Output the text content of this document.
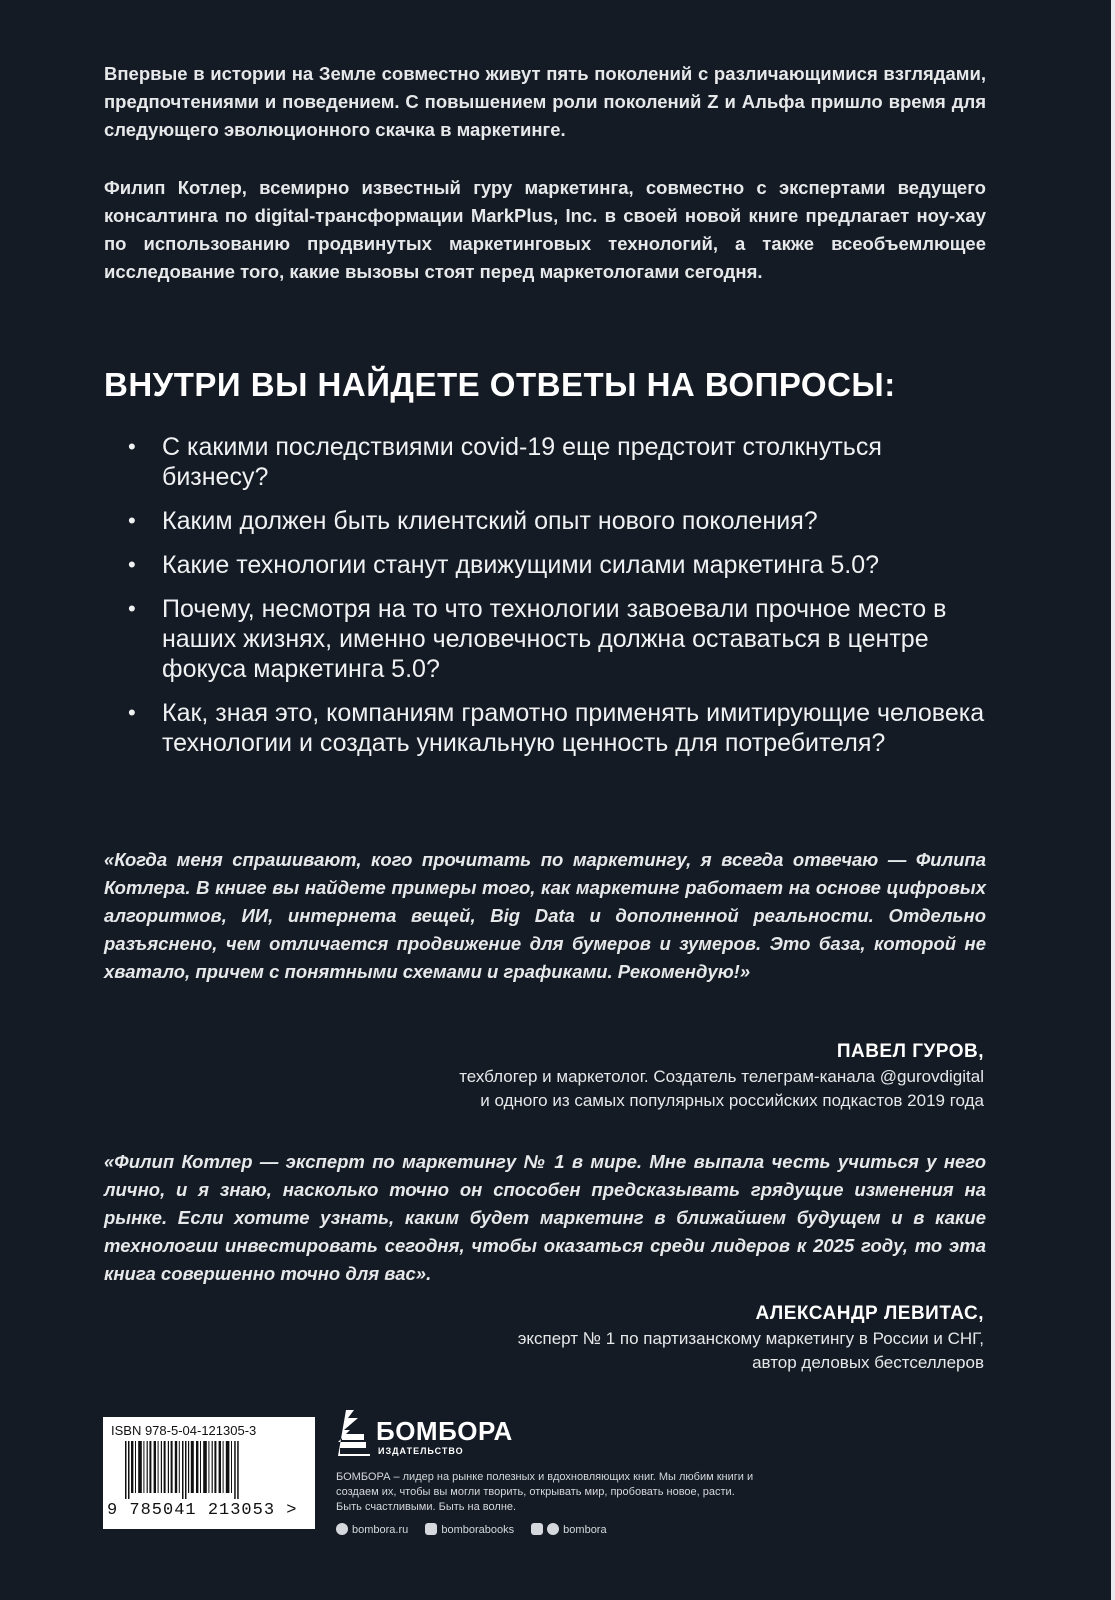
Впервые в истории на Земле совместно живут пять поколений с различающимися взглядами, предпочтениями и поведением. С повышением роли поколений Z и Альфа пришло время для следующего эволюционного скачка в маркетинге.

Филип Котлер, всемирно известный гуру маркетинга, совместно с экспертами ведущего консалтинга по digital-трансформации MarkPlus, Inc. в своей новой книге предлагает ноу-хау по использованию продвинутых маркетинговых технологий, а также всеобъемлющее исследование того, какие вызовы стоят перед маркетологами сегодня.

ВНУТРИ ВЫ НАЙДЕТЕ ОТВЕТЫ НА ВОПРОСЫ:
• С какими последствиями covid-19 еще предстоит столкнуться бизнесу?
• Каким должен быть клиентский опыт нового поколения?
• Какие технологии станут движущими силами маркетинга 5.0?
• Почему, несмотря на то что технологии завоевали прочное место в наших жизнях, именно человечность должна оставаться в центре фокуса маркетинга 5.0?
• Как, зная это, компаниям грамотно применять имитирующие человека технологии и создать уникальную ценность для потребителя?

«Когда меня спрашивают, кого прочитать по маркетингу, я всегда отвечаю — Филипа Котлера. В книге вы найдете примеры того, как маркетинг работает на основе цифровых алгоритмов, ИИ, интернета вещей, Big Data и дополненной реальности. Отдельно разъяснено, чем отличается продвижение для бумеров и зумеров. Это база, которой не хватало, причем с понятными схемами и графиками. Рекомендую!»

ПАВЕЛ ГУРОВ,
техблогер и маркетолог. Создатель телеграм-канала @gurovdigital
и одного из самых популярных российских подкастов 2019 года

«Филип Котлер — эксперт по маркетингу № 1 в мире. Мне выпала честь учиться у него лично, и я знаю, насколько точно он способен предсказывать грядущие изменения на рынке. Если хотите узнать, каким будет маркетинг в ближайшем будущем и в какие технологии инвестировать сегодня, чтобы оказаться среди лидеров к 2025 году, то эта книга совершенно точно для вас».

АЛЕКСАНДР ЛЕВИТАС,
эксперт № 1 по партизанскому маркетингу в России и СНГ,
автор деловых бестселлеров
ISBN 978-5-04-121305-3
9 785041 213053 >
БОМБОРА
ИЗДАТЕЛЬСТВО

БОМБОРА – лидер на рынке полезных и вдохновляющих книг. Мы любим книги и создаем их, чтобы вы могли творить, открывать мир, пробовать новое, расти. Быть счастливыми. Быть на волне.

bombora.ru	bomborabooks	bombora
